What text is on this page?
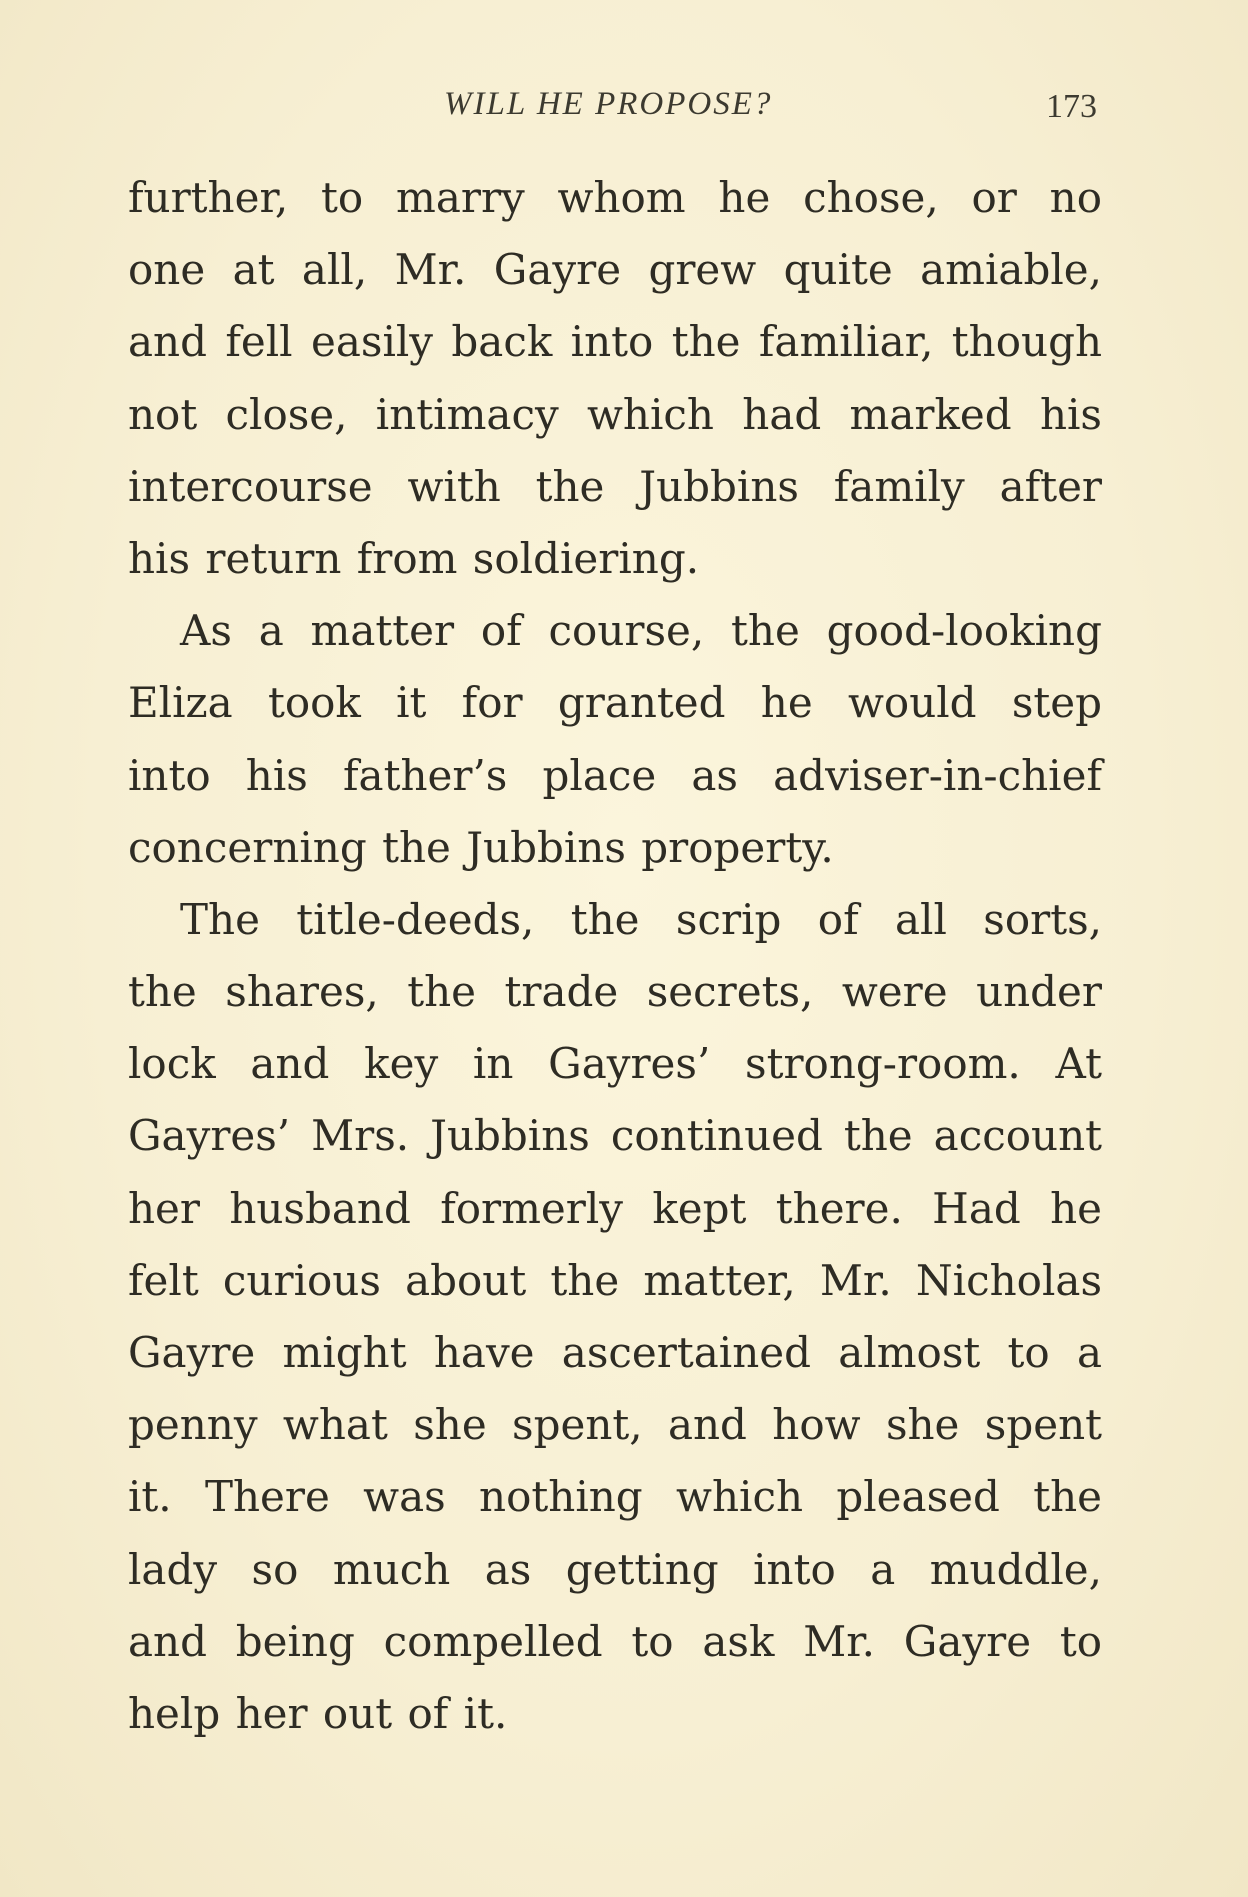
WILL HE PROPOSE?	173
further, to marry whom he chose, or no
one at all, Mr. Gayre grew quite amiable,
and fell easily back into the familiar, though
not close, intimacy which had marked his
intercourse with the Jubbins family after
his return from soldiering.
As a matter of course, the good-looking
Eliza took it for granted he would step
into his father’s place as adviser-in-chief
concerning the Jubbins property.
The title-deeds, the scrip of all sorts,
the shares, the trade secrets, were under
lock and key in Gayres’ strong-room. At
Gayres’ Mrs. Jubbins continued the account
her husband formerly kept there. Had he
felt curious about the matter, Mr. Nicholas
Gayre might have ascertained almost to a
penny what she spent, and how she spent
it. There was nothing which pleased the
lady so much as getting into a muddle,
and being compelled to ask Mr. Gayre to
help her out of it.
